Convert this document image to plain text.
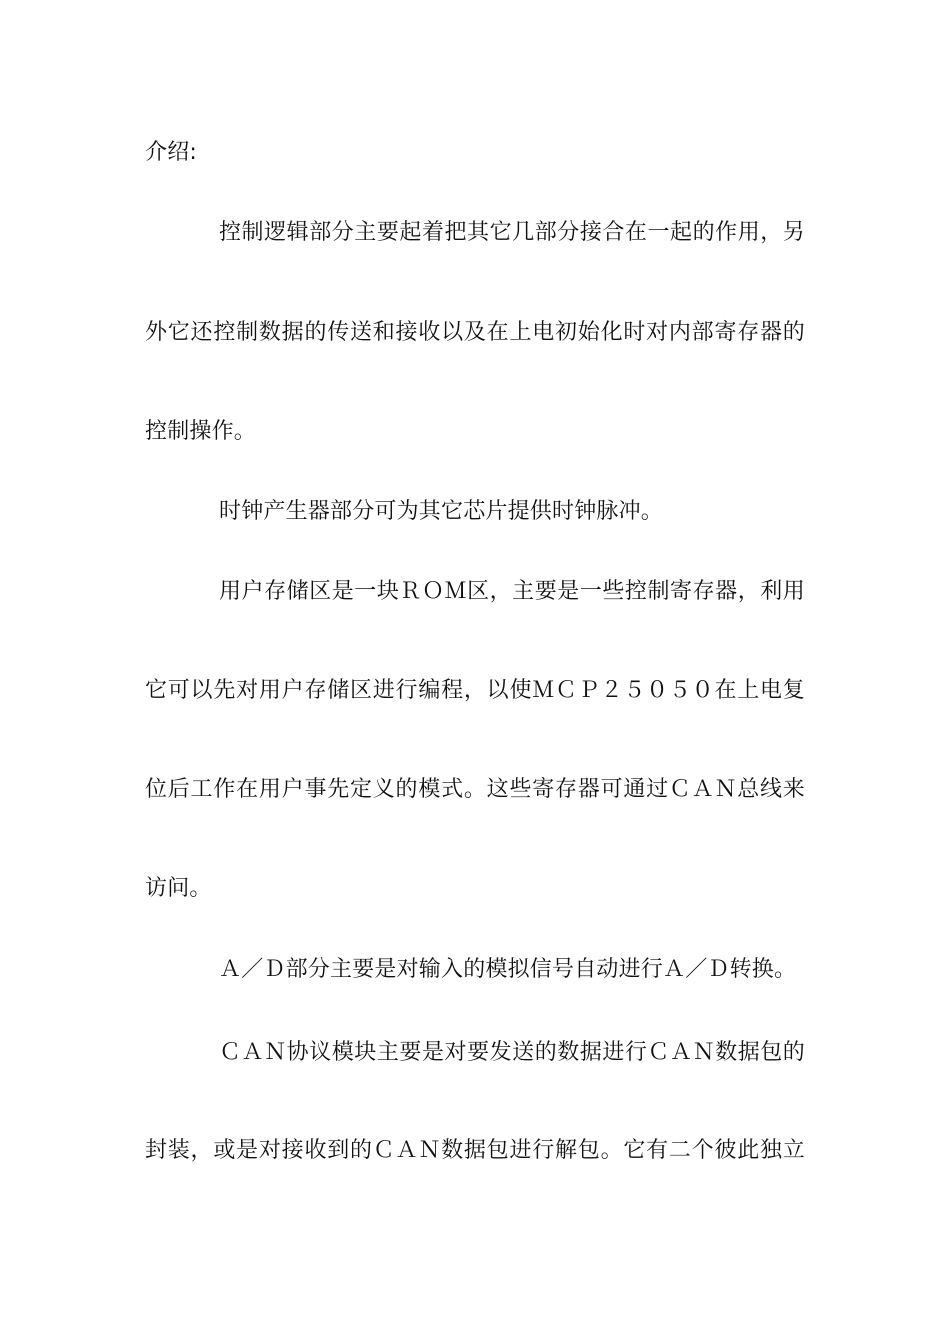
介绍:
控制逻辑部分主要起着把其它几部分接合在一起的作用，另
外它还控制数据的传送和接收以及在上电初始化时对内部寄存器的
控制操作。
时钟产生器部分可为其它芯片提供时钟脉冲。
用户存储区是一块ＲＯＭ区，主要是一些控制寄存器，利用
它可以先对用户存储区进行编程，以使ＭＣＰ２５０５０在上电复
位后工作在用户事先定义的模式。这些寄存器可通过ＣＡＮ总线来
访问。
Ａ／Ｄ部分主要是对输入的模拟信号自动进行Ａ／Ｄ转换。
ＣＡＮ协议模块主要是对要发送的数据进行ＣＡＮ数据包的
封装，或是对接收到的ＣＡＮ数据包进行解包。它有二个彼此独立
